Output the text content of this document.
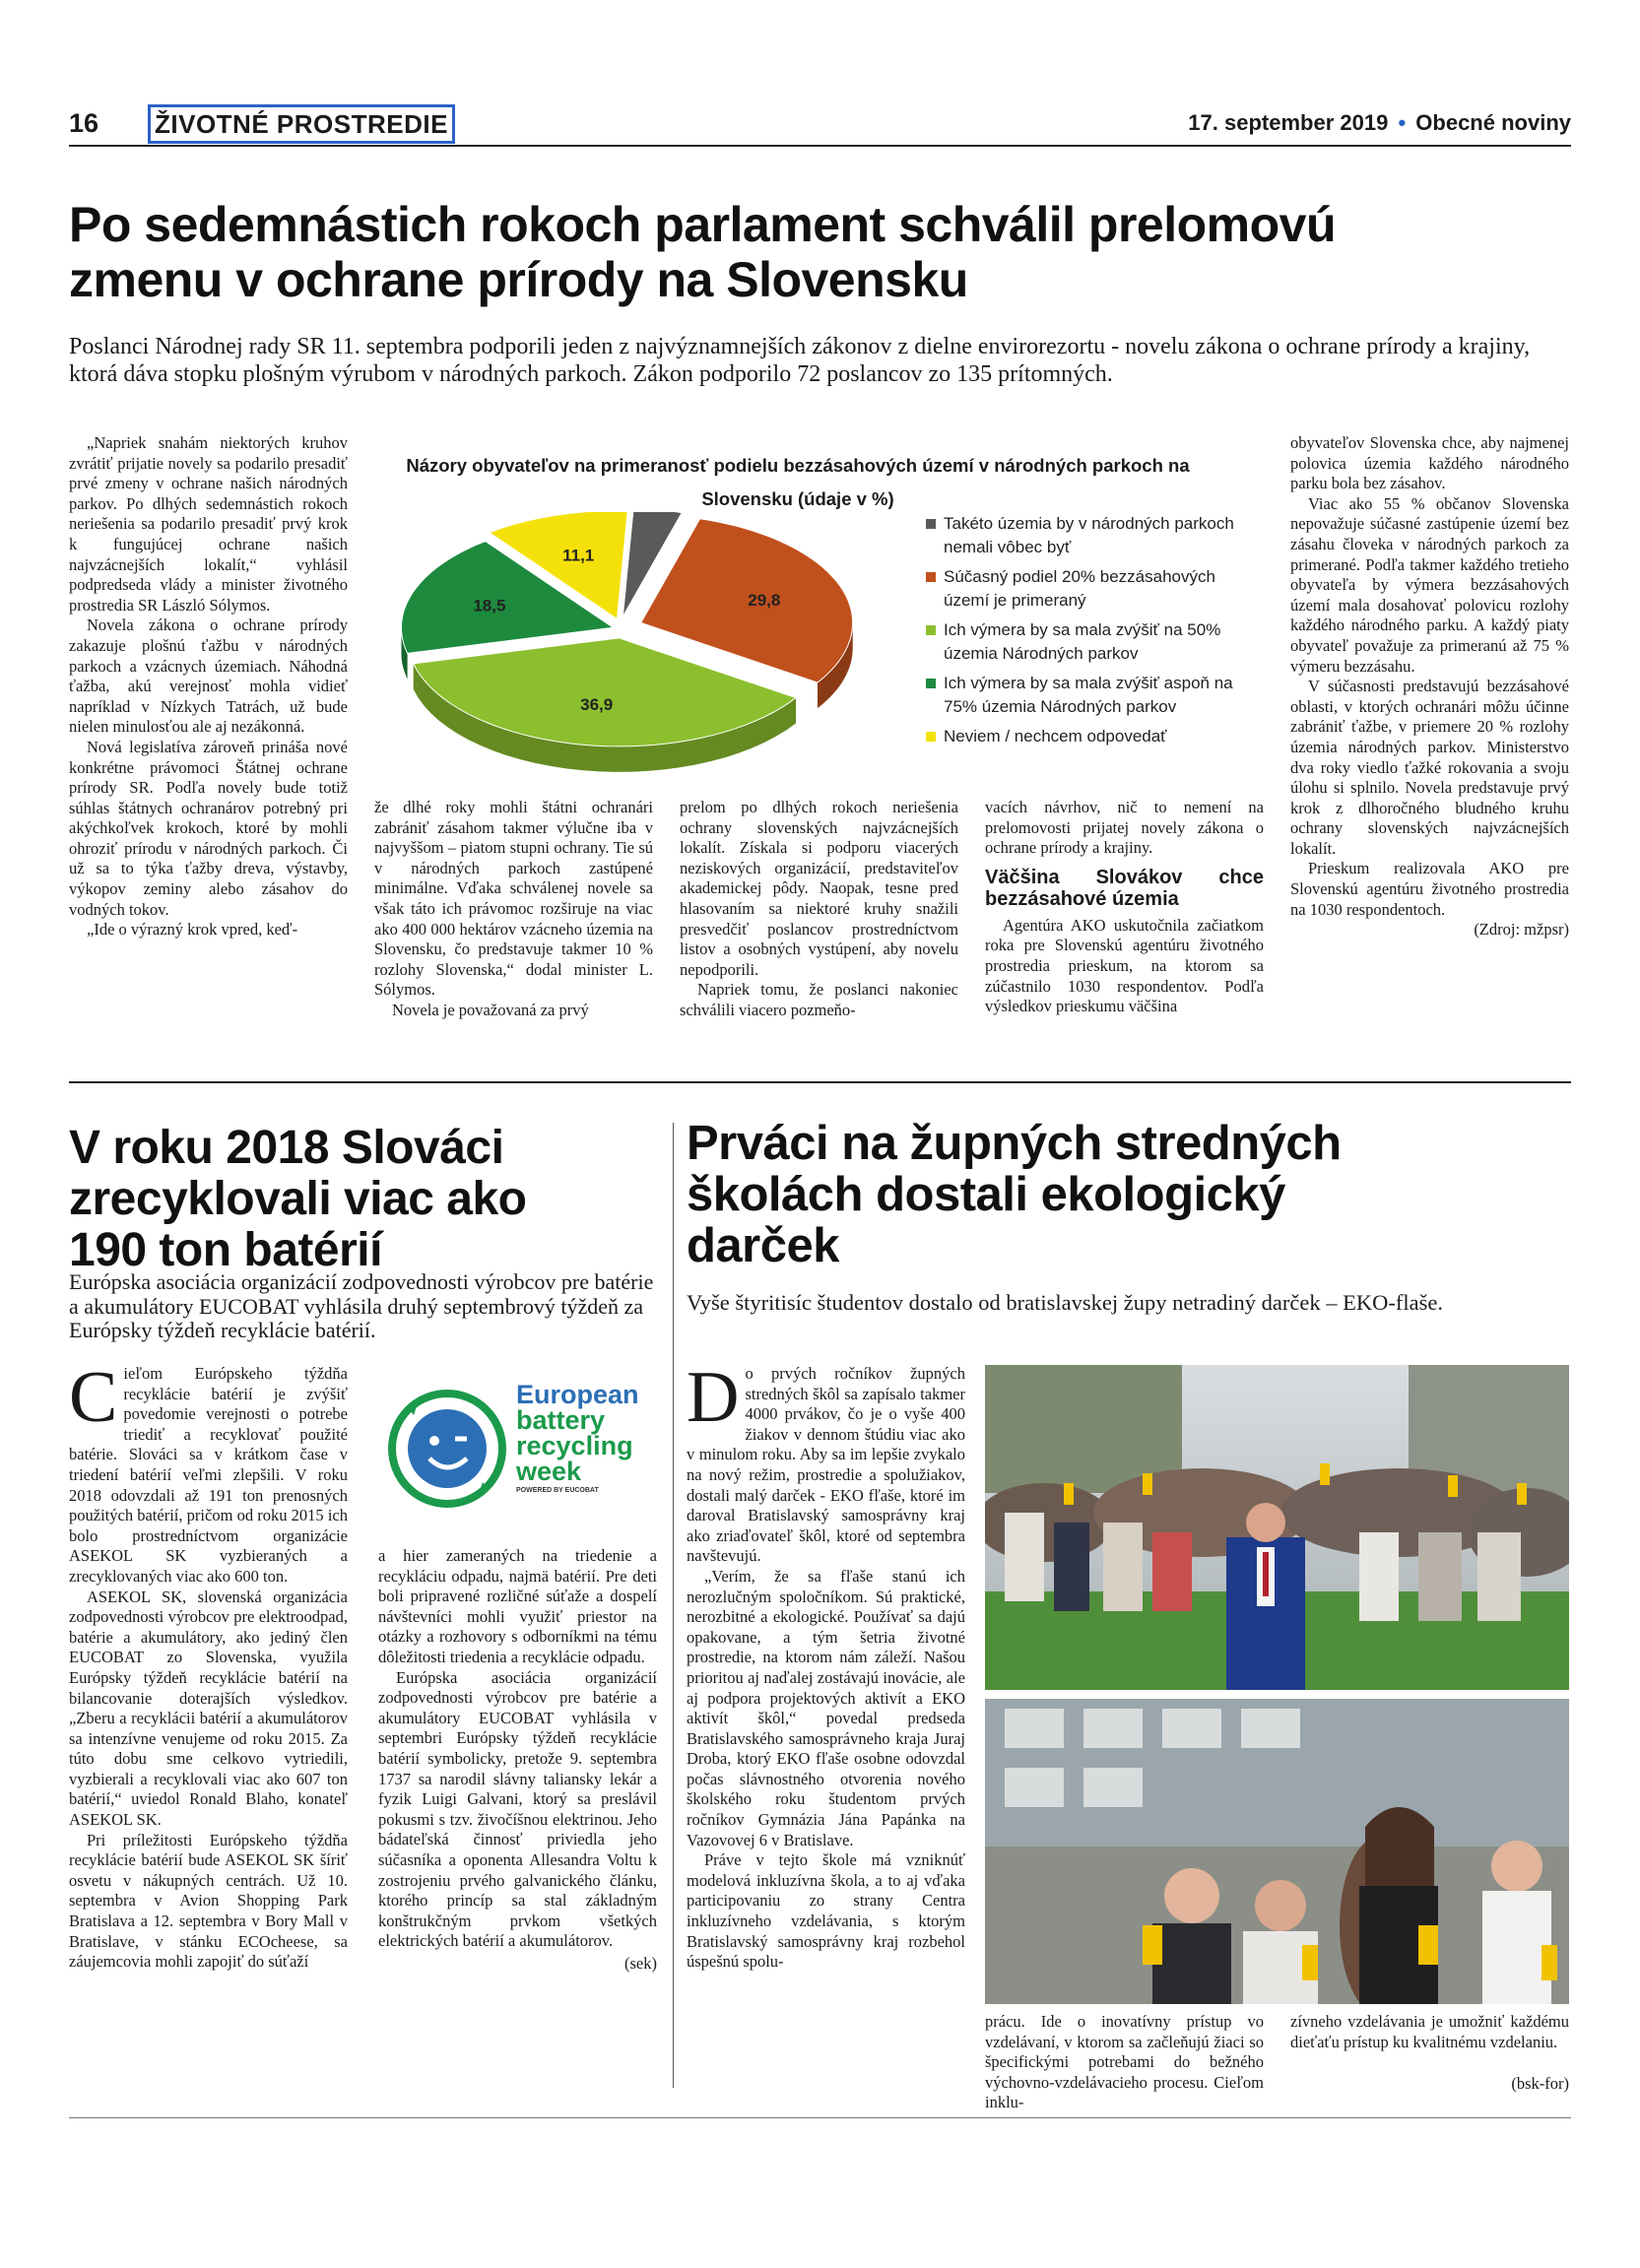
16 ŽIVOTNÉ PROSTREDIE	17. september 2019 • Obecné noviny
Po sedemnástich rokoch parlament schválil prelomovú
zmenu v ochrane prírody na Slovensku
Poslanci Národnej rady SR 11. septembra podporili jeden z najvýznamnejších zákonov z dielne envirorezortu - novelu zákona o ochrane prírody a krajiny, ktorá dáva stopku plošným výrubom v národných parkoch. Zákon podporilo 72 poslancov zo 135 prítomných.

„Napriek snahám niektorých kruhov zvrátiť prijatie novely sa podarilo presadiť prvé zmeny v ochrane našich národných parkov. Po dlhých sedemnástich rokoch neriešenia sa podarilo presadiť prvý krok k fungujúcej ochrane našich najvzácnejších lokalít,“ vyhlásil podpredseda vlády a minister životného prostredia SR László Sólymos.

Novela zákona o ochrane prírody zakazuje plošnú ťažbu v národných parkoch a vzácnych územiach. Náhodná ťažba, akú verejnosť mohla vidieť napríklad v Nízkych Tatrách, už bude nielen minulosťou ale aj nezákonná.

Nová legislatíva zároveň prináša nové konkrétne právomoci Štátnej ochrane prírody SR. Podľa novely bude totiž súhlas štátnych ochranárov potrebný pri akýchkoľvek krokoch, ktoré by mohli ohroziť prírodu v národných parkoch. Či už sa to týka ťažby dreva, výstavby, výkopov zeminy alebo zásahov do vodných tokov.

„Ide o výrazný krok vpred, keď-

Názory obyvateľov na primeranosť podielu bezzásahových území v národných parkoch na Slovensku (údaje v %)
29,8
36,9
18,5
11,1
Takéto územia by v národných parkoch nemali vôbec byť
Súčasný podiel 20% bezzásahových území je primeraný
Ich výmera by sa mala zvýšiť na 50% územia Národných parkov
Ich výmera by sa mala zvýšiť aspoň na 75% územia Národných parkov
Neviem / nechcem odpovedať

že dlhé roky mohli štátni ochranári zabrániť zásahom takmer výlučne iba v najvyššom – piatom stupni ochrany. Tie sú v národných parkoch zastúpené minimálne. Vďaka schválenej novele sa však táto ich právomoc rozširuje na viac ako 400 000 hektárov vzácneho územia na Slovensku, čo predstavuje takmer 10 % rozlohy Slovenska,“ dodal minister L. Sólymos.

Novela je považovaná za prvý

prelom po dlhých rokoch neriešenia ochrany slovenských najvzácnejších lokalít. Získala si podporu viacerých neziskových organizácií, predstaviteľov akademickej pôdy. Naopak, tesne pred hlasovaním sa niektoré kruhy snažili presvedčiť poslancov prostredníctvom listov a osobných vystúpení, aby novelu nepodporili.

Napriek tomu, že poslanci nakoniec schválili viacero pozmeňo-

vacích návrhov, nič to nemení na prelomovosti prijatej novely zákona o ochrane prírody a krajiny.

Väčšina Slovákov chce bezzásahové územia

Agentúra AKO uskutočnila začiatkom roka pre Slovenskú agentúru životného prostredia prieskum, na ktorom sa zúčastnilo 1030 respondentov. Podľa výsledkov prieskumu väčšina

obyvateľov Slovenska chce, aby najmenej polovica územia každého národného parku bola bez zásahov.

Viac ako 55 % občanov Slovenska nepovažuje súčasné zastúpenie území bez zásahu človeka v národných parkoch za primerané. Podľa takmer každého tretieho obyvateľa by výmera bezzásahových území mala dosahovať polovicu rozlohy každého národného parku. A každý piaty obyvateľ považuje za primeranú až 75 % výmeru bezzásahu.

V súčasnosti predstavujú bezzásahové oblasti, v ktorých ochranári môžu účinne zabrániť ťažbe, v priemere 20 % rozlohy územia národných parkov. Ministerstvo dva roky viedlo ťažké rokovania a svoju úlohu si splnilo. Novela predstavuje prvý krok z dlhoročného bludného kruhu ochrany slovenských najvzácnejších lokalít.

Prieskum realizovala AKO pre Slovenskú agentúru životného prostredia na 1030 respondentoch.

(Zdroj: mžpsr)
V roku 2018 Slováci
zrecyklovali viac ako
190 ton batérií
Európska asociácia organizácií zodpovednosti výrobcov pre batérie a akumulátory EUCOBAT vyhlásila druhý septembrový týždeň za Európsky týždeň recyklácie batérií.

C ieľom Európskeho týždňa recyklácie batérií je zvýšiť povedomie verejnosti o potrebe triediť a recyklovať použité batérie. Slováci sa v krátkom čase v triedení batérií veľmi zlepšili. V roku 2018 odovzdali až 191 ton prenosných použitých batérií, pričom od roku 2015 ich bolo prostredníctvom organizácie ASEKOL SK vyzbieraných a zrecyklovaných viac ako 600 ton.

ASEKOL SK, slovenská organizácia zodpovednosti výrobcov pre elektroodpad, batérie a akumulátory, ako jediný člen EUCOBAT zo Slovenska, využila Európsky týždeň recyklácie batérií na bilancovanie doterajších výsledkov. „Zberu a recyklácii batérií a akumulátorov sa intenzívne venujeme od roku 2015. Za túto dobu sme celkovo vytriedili, vyzbierali a recyklovali viac ako 607 ton batérií,“ uviedol Ronald Blaho, konateľ ASEKOL SK.

Pri príležitosti Európskeho týždňa recyklácie batérií bude ASEKOL SK šíriť osvetu v nákupných centrách. Už 10. septembra v Avion Shopping Park Bratislava a 12. septembra v Bory Mall v Bratislave, v stánku ECOcheese, sa záujemcovia mohli zapojiť do súťaží

European
battery
recycling
week
POWERED BY EUCOBAT

a hier zameraných na triedenie a recykláciu odpadu, najmä batérií. Pre deti boli pripravené rozličné súťaže a dospelí návštevníci mohli využiť priestor na otázky a rozhovory s odborníkmi na tému dôležitosti triedenia a recyklácie odpadu.

Európska asociácia organizácií zodpovednosti výrobcov pre batérie a akumulátory EUCOBAT vyhlásila v septembri Európsky týždeň recyklácie batérií symbolicky, pretože 9. septembra 1737 sa narodil slávny taliansky lekár a fyzik Luigi Galvani, ktorý sa preslávil pokusmi s tzv. živočíšnou elektrinou. Jeho bádateľská činnosť priviedla jeho súčasníka a oponenta Allesandra Voltu k zostrojeniu prvého galvanického článku, ktorého princíp sa stal základným konštrukčným prvkom všetkých elektrických batérií a akumulátorov.

(sek)
Prváci na župných stredných
školách dostali ekologický
darček
Vyše štyritisíc študentov dostalo od bratislavskej župy netradiný darček – EKO-flaše.

D o prvých ročníkov župných stredných škôl sa zapísalo takmer 4000 prvákov, čo je o vyše 400 žiakov v dennom štúdiu viac ako v minulom roku. Aby sa im lepšie zvykalo na nový režim, prostredie a spolužiakov, dostali malý darček - EKO fľaše, ktoré im daroval Bratislavský samosprávny kraj ako zriaďovateľ škôl, ktoré od septembra navštevujú.

„Verím, že sa fľaše stanú ich nerozlučným spoločníkom. Sú praktické, nerozbitné a ekologické. Používať sa dajú opakovane, a tým šetria životné prostredie, na ktorom nám záleží. Našou prioritou aj naďalej zostávajú inovácie, ale aj podpora projektových aktivít a EKO aktivít škôl,“ povedal predseda Bratislavského samosprávneho kraja Juraj Droba, ktorý EKO fľaše osobne odovzdal počas slávnostného otvorenia nového školského roku študentom prvých ročníkov Gymnázia Jána Papánka na Vazovovej 6 v Bratislave.

Práve v tejto škole má vzniknúť modelová inkluzívna škola, a to aj vďaka participovaniu zo strany Centra inkluzívneho vzdelávania, s ktorým Bratislavský samosprávny kraj rozbehol úspešnú spolu-

prácu. Ide o inovatívny prístup vo vzdelávaní, v ktorom sa začleňujú žiaci so špecifickými potrebami do bežného výchovno-vzdelávacieho procesu. Cieľom inklu-

zívneho vzdelávania je umožniť každému dieťaťu prístup ku kvalitnému vzdelaniu.

(bsk-for)
